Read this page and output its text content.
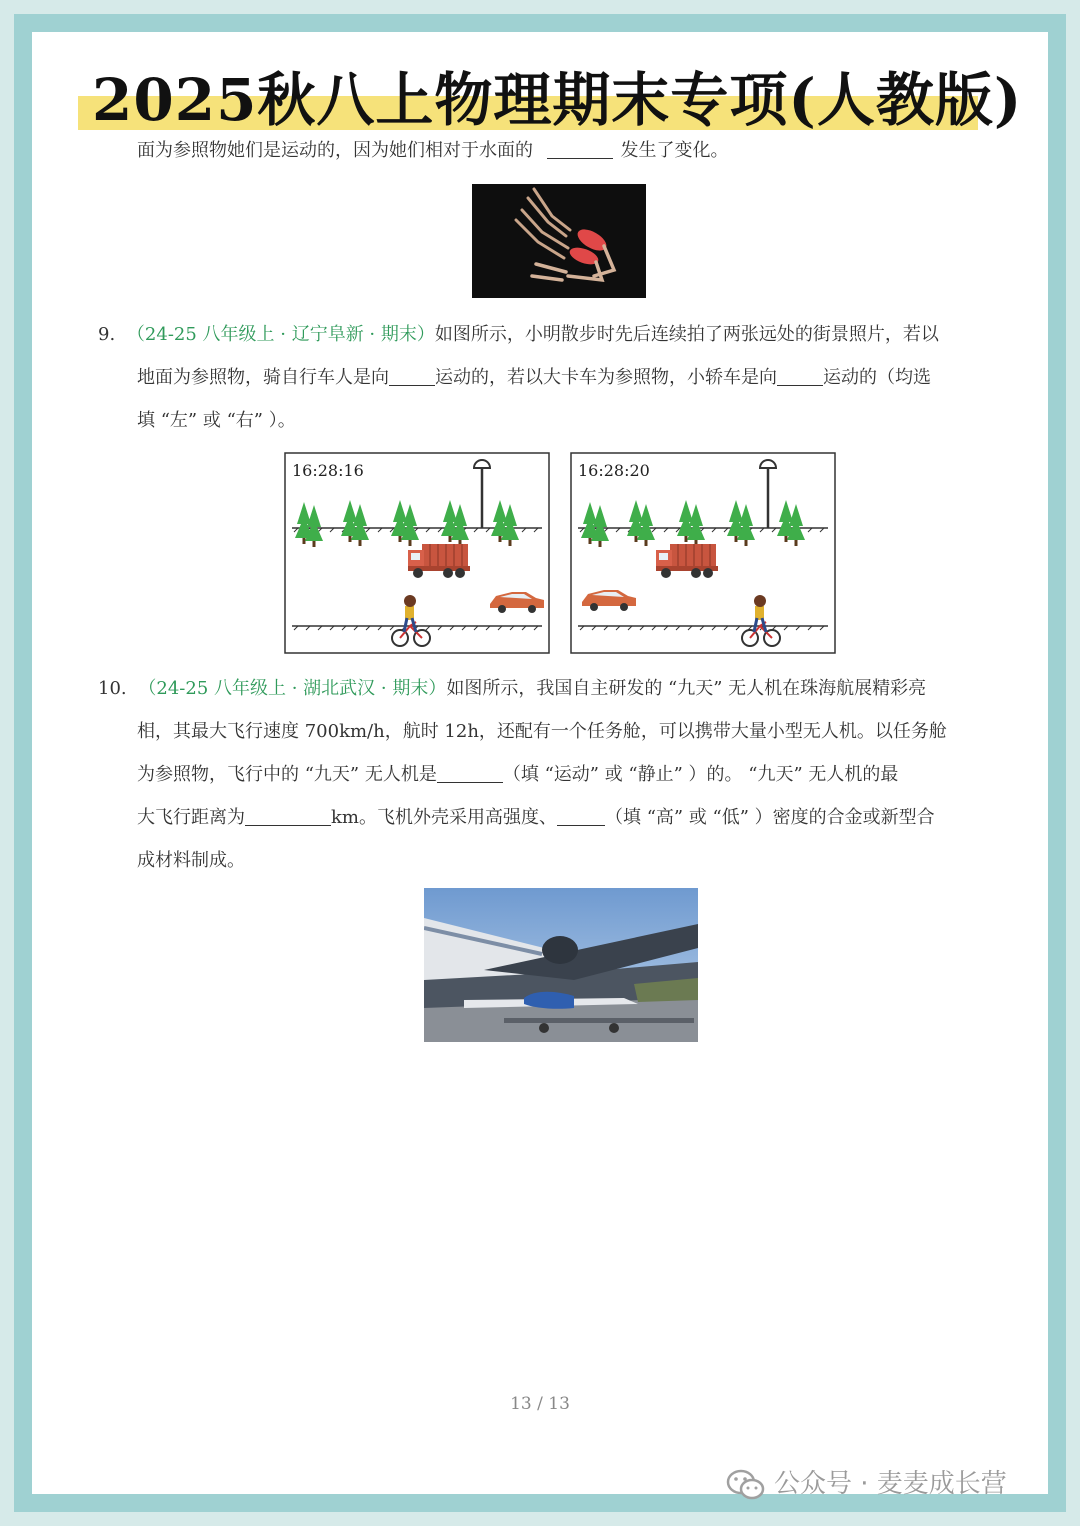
2025秋八上物理期末专项(人教版)
面为参照物她们是运动的，因为她们相对于水面的	发生了变化。
9. （24-25 八年级上 · 辽宁阜新 · 期末）如图所示，小明散步时先后连续拍了两张远处的街景照片，若以
地面为参照物，骑自行车人是向	运动的，若以大卡车为参照物，小轿车是向	运动的（均选
填 “左” 或 “右” ）。
16:28:16	16:28:20
10. （24-25 八年级上 · 湖北武汉 · 期末）如图所示，我国自主研发的 “九天” 无人机在珠海航展精彩亮
相，其最大飞行速度 700km/h，航时 12h，还配有一个任务舱，可以携带大量小型无人机。以任务舱
为参照物，飞行中的 “九天” 无人机是	（填 “运动” 或 “静止” ）的。 “九天” 无人机的最
大飞行距离为	km。飞机外壳采用高强度、	（填 “高” 或 “低” ）密度的合金或新型合
成材料制成。
13 / 13
公众号 · 麦麦成长营
